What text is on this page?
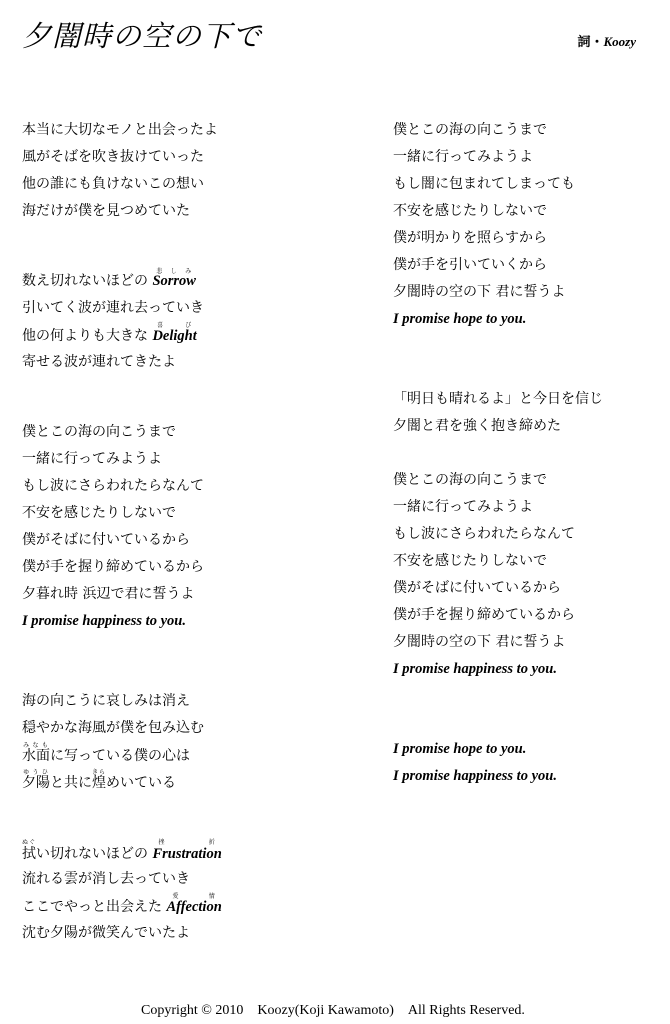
夕闇時の空の下で	詞・Koozy
本当に大切なモノと出会ったよ
風がそばを吹き抜けていった
他の誰にも負けないこの想い
海だけが僕を見つめていた
数え切れないほどの Sorrow悲しみ
引いてく波が連れ去っていき
他の何よりも大きな Delight喜 び
寄せる波が連れてきたよ
僕とこの海の向こうまで
一緒に行ってみようよ
もし波にさらわれたらなんて
不安を感じたりしないで
僕がそばに付いているから
僕が手を握り締めているから
夕暮れ時 浜辺で君に誓うよ
I promise happiness to you.
海の向こうに哀しみは消え
穏やかな海風が僕を包み込む
水面みなもに写っている僕の心は
夕陽ゆうひと共に煌きらめいている
拭ぬぐい切れないほどの Frustration挫 折
流れる雲が消し去っていき
ここでやっと出会えた Affection愛 情
沈む夕陽が微笑んでいたよ
僕とこの海の向こうまで
一緒に行ってみようよ
もし闇に包まれてしまっても
不安を感じたりしないで
僕が明かりを照らすから
僕が手を引いていくから
夕闇時の空の下 君に誓うよ
I promise hope to you.
「明日も晴れるよ」と今日を信じ
夕闇と君を強く抱き締めた
僕とこの海の向こうまで
一緒に行ってみようよ
もし波にさらわれたらなんて
不安を感じたりしないで
僕がそばに付いているから
僕が手を握り締めているから
夕闇時の空の下 君に誓うよ
I promise happiness to you.
I promise hope to you.
I promise happiness to you.
Copyright © 2010　Koozy(Koji Kawamoto)　All Rights Reserved.
